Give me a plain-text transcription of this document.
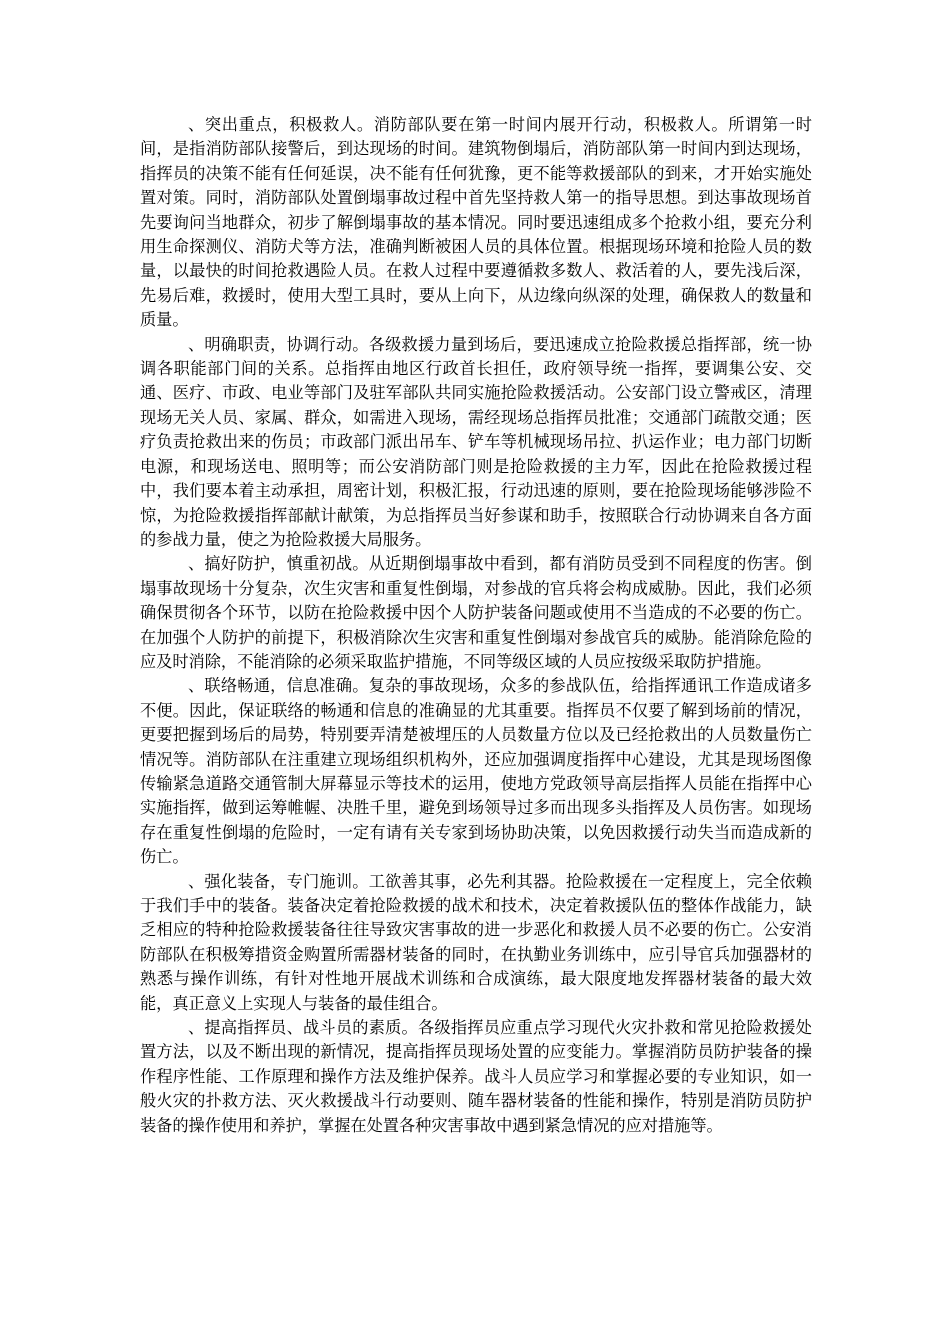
、突出重点，积极救人。消防部队要在第一时间内展开行动，积极救人。所谓第一时间，是指消防部队接警后，到达现场的时间。建筑物倒塌后，消防部队第一时间内到达现场，指挥员的决策不能有任何延误，决不能有任何犹豫，更不能等救援部队的到来，才开始实施处置对策。同时，消防部队处置倒塌事故过程中首先坚持救人第一的指导思想。到达事故现场首先要询问当地群众，初步了解倒塌事故的基本情况。同时要迅速组成多个抢救小组，要充分利用生命探测仪、消防犬等方法，准确判断被困人员的具体位置。根据现场环境和抢险人员的数量，以最快的时间抢救遇险人员。在救人过程中要遵循救多数人、救活着的人，要先浅后深，先易后难，救援时，使用大型工具时，要从上向下，从边缘向纵深的处理，确保救人的数量和质量。

、明确职责，协调行动。各级救援力量到场后，要迅速成立抢险救援总指挥部，统一协调各职能部门间的关系。总指挥由地区行政首长担任，政府领导统一指挥，要调集公安、交通、医疗、市政、电业等部门及驻军部队共同实施抢险救援活动。公安部门设立警戒区，清理现场无关人员、家属、群众，如需进入现场，需经现场总指挥员批准；交通部门疏散交通；医疗负责抢救出来的伤员；市政部门派出吊车、铲车等机械现场吊拉、扒运作业；电力部门切断电源，和现场送电、照明等；而公安消防部门则是抢险救援的主力军，因此在抢险救援过程中，我们要本着主动承担，周密计划，积极汇报，行动迅速的原则，要在抢险现场能够涉险不惊，为抢险救援指挥部献计献策，为总指挥员当好参谋和助手，按照联合行动协调来自各方面的参战力量，使之为抢险救援大局服务。

、搞好防护，慎重初战。从近期倒塌事故中看到，都有消防员受到不同程度的伤害。倒塌事故现场十分复杂，次生灾害和重复性倒塌，对参战的官兵将会构成威胁。因此，我们必须确保贯彻各个环节，以防在抢险救援中因个人防护装备问题或使用不当造成的不必要的伤亡。在加强个人防护的前提下，积极消除次生灾害和重复性倒塌对参战官兵的威胁。能消除危险的应及时消除，不能消除的必须采取监护措施，不同等级区域的人员应按级采取防护措施。

、联络畅通，信息准确。复杂的事故现场，众多的参战队伍，给指挥通讯工作造成诸多不便。因此，保证联络的畅通和信息的准确显的尤其重要。指挥员不仅要了解到场前的情况，更要把握到场后的局势，特别要弄清楚被埋压的人员数量方位以及已经抢救出的人员数量伤亡情况等。消防部队在注重建立现场组织机构外，还应加强调度指挥中心建设，尤其是现场图像传输紧急道路交通管制大屏幕显示等技术的运用，使地方党政领导高层指挥人员能在指挥中心实施指挥，做到运筹帷幄、决胜千里，避免到场领导过多而出现多头指挥及人员伤害。如现场存在重复性倒塌的危险时，一定有请有关专家到场协助决策，以免因救援行动失当而造成新的伤亡。

、强化装备，专门施训。工欲善其事，必先利其器。抢险救援在一定程度上，完全依赖于我们手中的装备。装备决定着抢险救援的战术和技术，决定着救援队伍的整体作战能力，缺乏相应的特种抢险救援装备往往导致灾害事故的进一步恶化和救援人员不必要的伤亡。公安消防部队在积极筹措资金购置所需器材装备的同时，在执勤业务训练中，应引导官兵加强器材的熟悉与操作训练，有针对性地开展战术训练和合成演练，最大限度地发挥器材装备的最大效能，真正意义上实现人与装备的最佳组合。

、提高指挥员、战斗员的素质。各级指挥员应重点学习现代火灾扑救和常见抢险救援处置方法，以及不断出现的新情况，提高指挥员现场处置的应变能力。掌握消防员防护装备的操作程序性能、工作原理和操作方法及维护保养。战斗人员应学习和掌握必要的专业知识，如一般火灾的扑救方法、灭火救援战斗行动要则、随车器材装备的性能和操作，特别是消防员防护装备的操作使用和养护，掌握在处置各种灾害事故中遇到紧急情况的应对措施等。
